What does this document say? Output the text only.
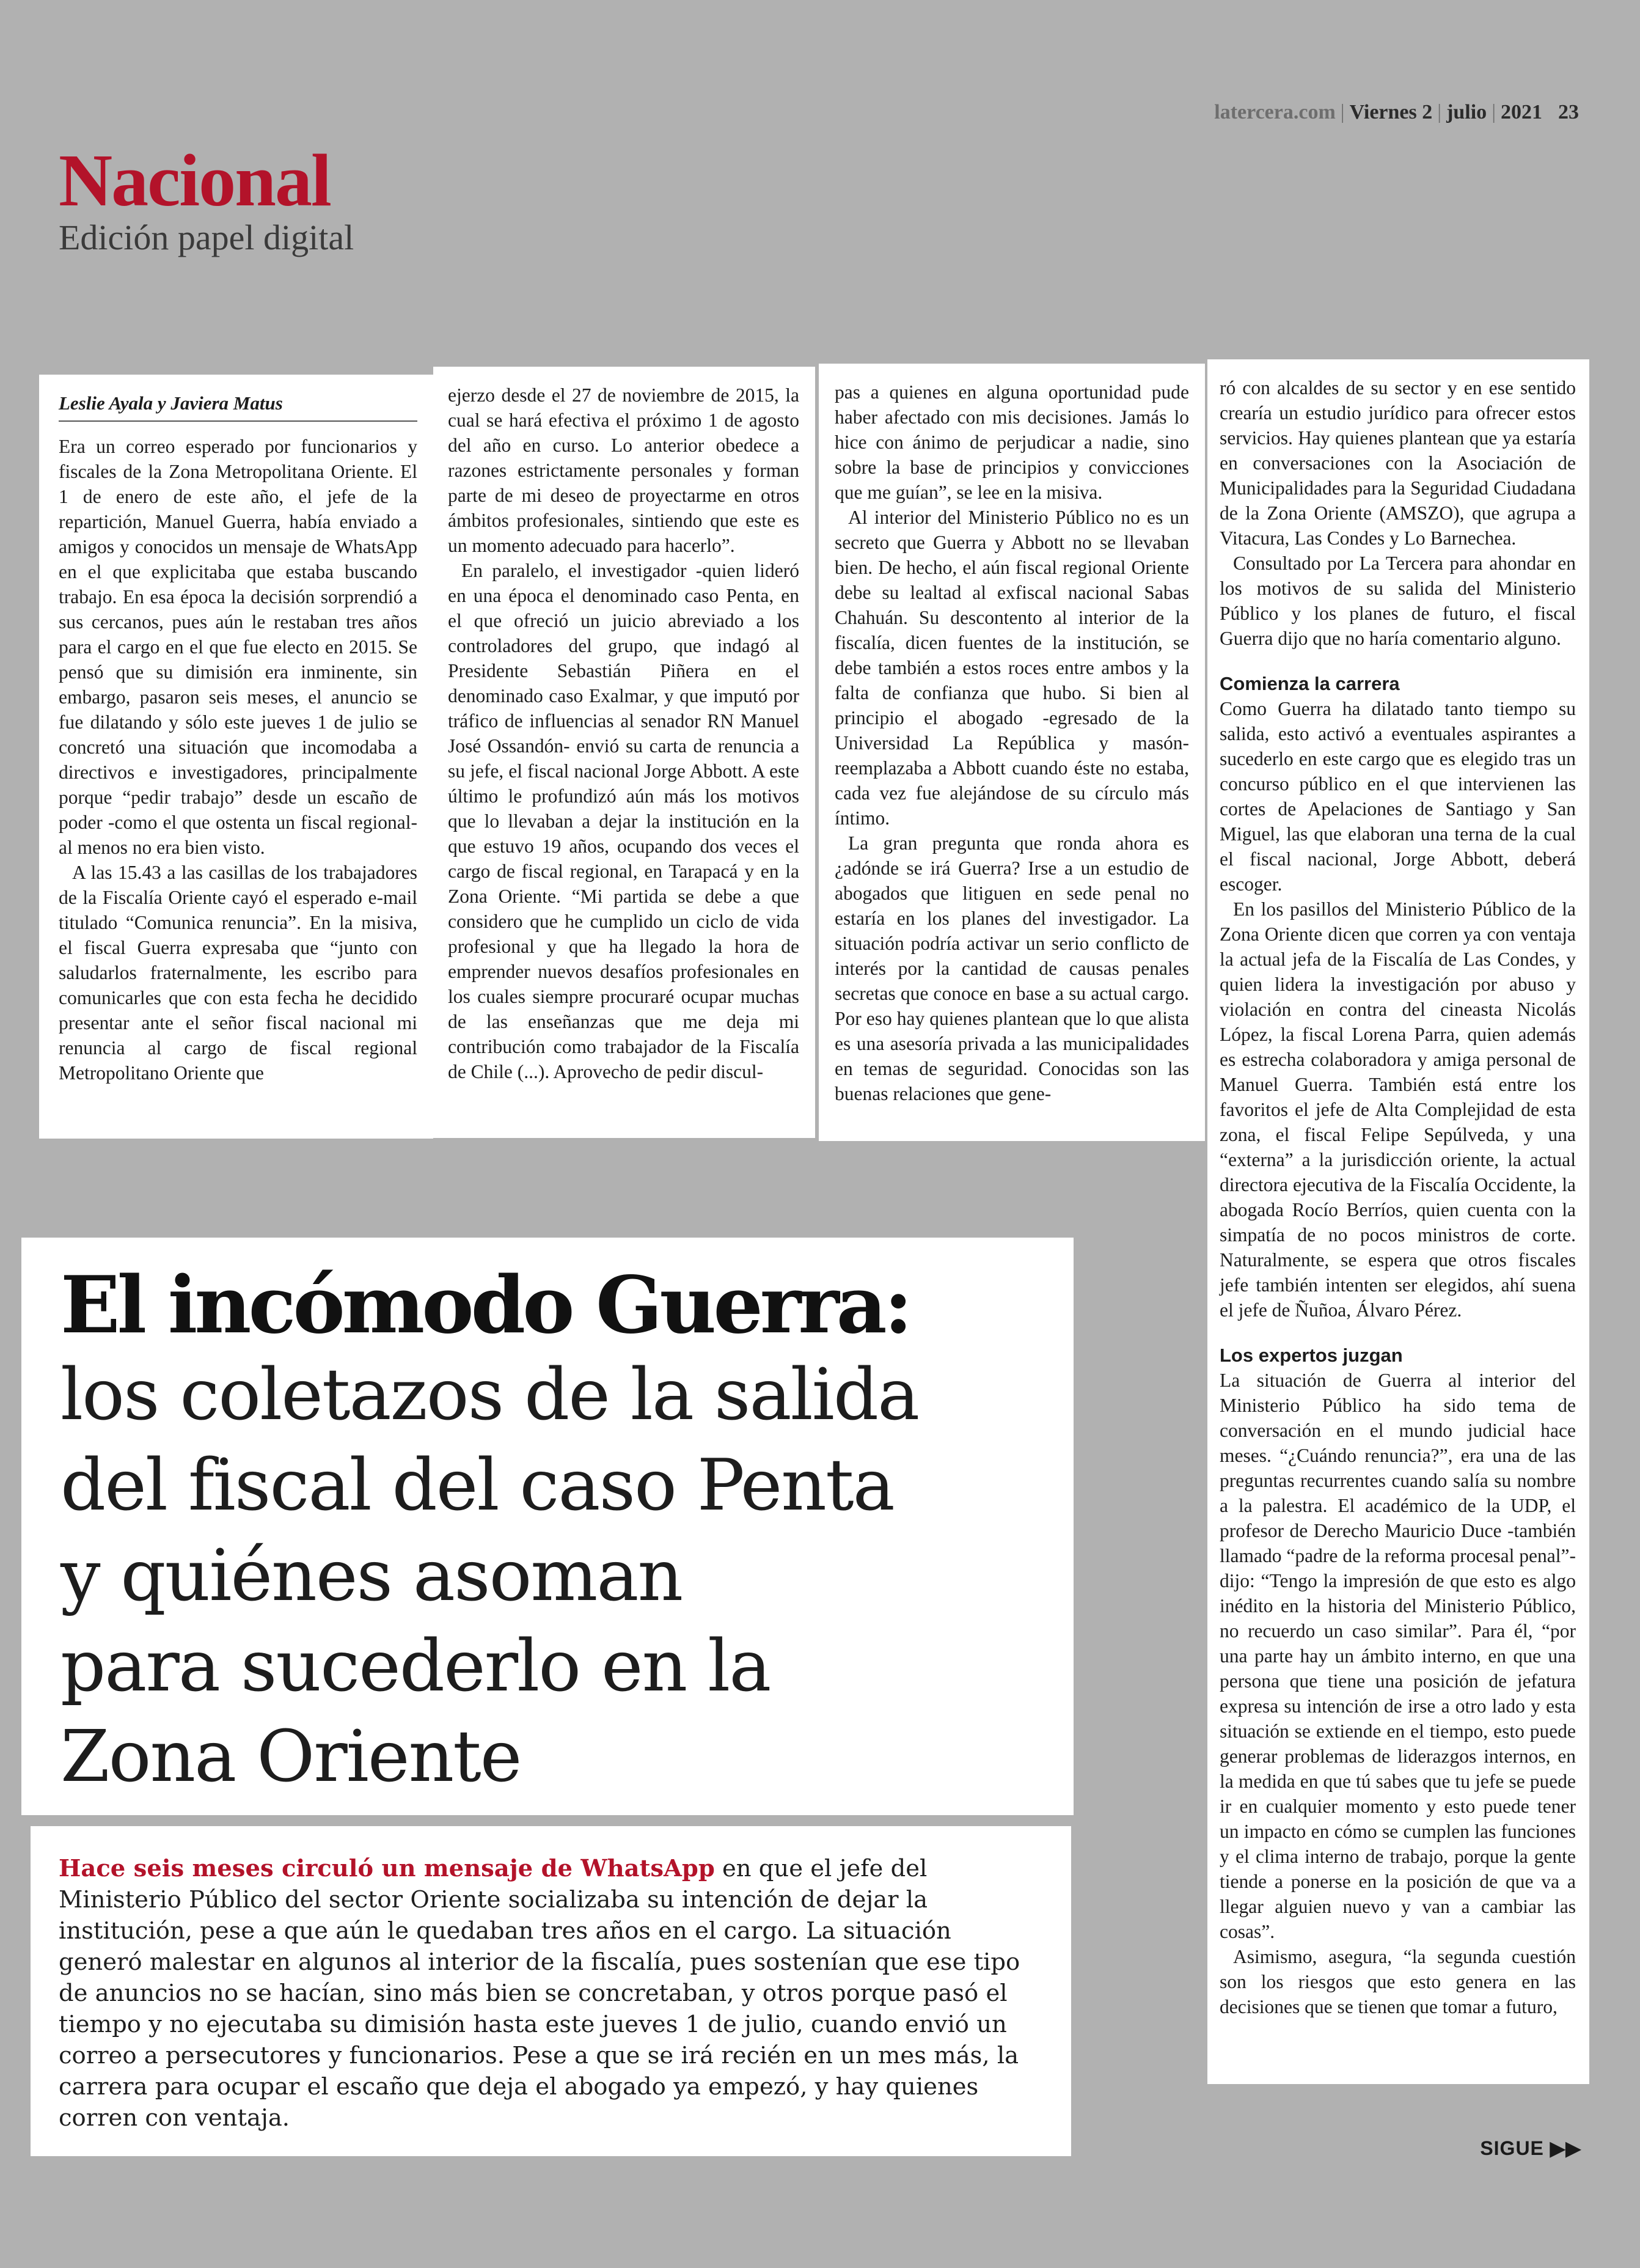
latercera.com | Viernes 2 | julio | 2021 23
Nacional
Edición papel digital
Leslie Ayala y Javiera Matus

Era un correo esperado por funcionarios y fiscales de la Zona Metropolitana Oriente. El 1 de enero de este año, el jefe de la repartición, Manuel Guerra, había enviado a amigos y conocidos un mensaje de WhatsApp en el que explicitaba que estaba buscando trabajo. En esa época la decisión sorprendió a sus cercanos, pues aún le restaban tres años para el cargo en el que fue electo en 2015. Se pensó que su dimisión era inminente, sin embargo, pasaron seis meses, el anuncio se fue dilatando y sólo este jueves 1 de julio se concretó una situación que incomodaba a directivos e investigadores, principalmente porque “pedir trabajo” desde un escaño de poder -como el que ostenta un fiscal regional- al menos no era bien visto.

A las 15.43 a las casillas de los trabajadores de la Fiscalía Oriente cayó el esperado e-mail titulado “Comunica renuncia”. En la misiva, el fiscal Guerra expresaba que “junto con saludarlos fraternalmente, les escribo para comunicarles que con esta fecha he decidido presentar ante el señor fiscal nacional mi renuncia al cargo de fiscal regional Metropolitano Oriente que

ejerzo desde el 27 de noviembre de 2015, la cual se hará efectiva el próximo 1 de agosto del año en curso. Lo anterior obedece a razones estrictamente personales y forman parte de mi deseo de proyectarme en otros ámbitos profesionales, sintiendo que este es un momento adecuado para hacerlo”.

En paralelo, el investigador -quien lideró en una época el denominado caso Penta, en el que ofreció un juicio abreviado a los controladores del grupo, que indagó al Presidente Sebastián Piñera en el denominado caso Exalmar, y que imputó por tráfico de influencias al senador RN Manuel José Ossandón- envió su carta de renuncia a su jefe, el fiscal nacional Jorge Abbott. A este último le profundizó aún más los motivos que lo llevaban a dejar la institución en la que estuvo 19 años, ocupando dos veces el cargo de fiscal regional, en Tarapacá y en la Zona Oriente. “Mi partida se debe a que considero que he cumplido un ciclo de vida profesional y que ha llegado la hora de emprender nuevos desafíos profesionales en los cuales siempre procuraré ocupar muchas de las enseñanzas que me deja mi contribución como trabajador de la Fiscalía de Chile (...). Aprovecho de pedir discul-

pas a quienes en alguna oportunidad pude haber afectado con mis decisiones. Jamás lo hice con ánimo de perjudicar a nadie, sino sobre la base de principios y convicciones que me guían”, se lee en la misiva.

Al interior del Ministerio Público no es un secreto que Guerra y Abbott no se llevaban bien. De hecho, el aún fiscal regional Oriente debe su lealtad al exfiscal nacional Sabas Chahuán. Su descontento al interior de la fiscalía, dicen fuentes de la institución, se debe también a estos roces entre ambos y la falta de confianza que hubo. Si bien al principio el abogado -egresado de la Universidad La República y masón- reemplazaba a Abbott cuando éste no estaba, cada vez fue alejándose de su círculo más íntimo.

La gran pregunta que ronda ahora es ¿adónde se irá Guerra? Irse a un estudio de abogados que litiguen en sede penal no estaría en los planes del investigador. La situación podría activar un serio conflicto de interés por la cantidad de causas penales secretas que conoce en base a su actual cargo. Por eso hay quienes plantean que lo que alista es una asesoría privada a las municipalidades en temas de seguridad. Conocidas son las buenas relaciones que gene-

ró con alcaldes de su sector y en ese sentido crearía un estudio jurídico para ofrecer estos servicios. Hay quienes plantean que ya estaría en conversaciones con la Asociación de Municipalidades para la Seguridad Ciudadana de la Zona Oriente (AMSZO), que agrupa a Vitacura, Las Condes y Lo Barnechea.

Consultado por La Tercera para ahondar en los motivos de su salida del Ministerio Público y los planes de futuro, el fiscal Guerra dijo que no haría comentario alguno.

Comienza la carrera

Como Guerra ha dilatado tanto tiempo su salida, esto activó a eventuales aspirantes a sucederlo en este cargo que es elegido tras un concurso público en el que intervienen las cortes de Apelaciones de Santiago y San Miguel, las que elaboran una terna de la cual el fiscal nacional, Jorge Abbott, deberá escoger.

En los pasillos del Ministerio Público de la Zona Oriente dicen que corren ya con ventaja la actual jefa de la Fiscalía de Las Condes, y quien lidera la investigación por abuso y violación en contra del cineasta Nicolás López, la fiscal Lorena Parra, quien además es estrecha colaboradora y amiga personal de Manuel Guerra. También está entre los favoritos el jefe de Alta Complejidad de esta zona, el fiscal Felipe Sepúlveda, y una “externa” a la jurisdicción oriente, la actual directora ejecutiva de la Fiscalía Occidente, la abogada Rocío Berríos, quien cuenta con la simpatía de no pocos ministros de corte. Naturalmente, se espera que otros fiscales jefe también intenten ser elegidos, ahí suena el jefe de Ñuñoa, Álvaro Pérez.

Los expertos juzgan

La situación de Guerra al interior del Ministerio Público ha sido tema de conversación en el mundo judicial hace meses. “¿Cuándo renuncia?”, era una de las preguntas recurrentes cuando salía su nombre a la palestra. El académico de la UDP, el profesor de Derecho Mauricio Duce -también llamado “padre de la reforma procesal penal”- dijo: “Tengo la impresión de que esto es algo inédito en la historia del Ministerio Público, no recuerdo un caso similar”. Para él, “por una parte hay un ámbito interno, en que una persona que tiene una posición de jefatura expresa su intención de irse a otro lado y esta situación se extiende en el tiempo, esto puede generar problemas de liderazgos internos, en la medida en que tú sabes que tu jefe se puede ir en cualquier momento y esto puede tener un impacto en cómo se cumplen las funciones y el clima interno de trabajo, porque la gente tiende a ponerse en la posición de que va a llegar alguien nuevo y van a cambiar las cosas”.

Asimismo, asegura, “la segunda cuestión son los riesgos que esto genera en las decisiones que se tienen que tomar a futuro,

El incómodo Guerra:
los coletazos de la salida
del fiscal del caso Penta
y quiénes asoman
para sucederlo en la
Zona Oriente
Hace seis meses circuló un mensaje de WhatsApp en que el jefe del Ministerio Público del sector Oriente socializaba su intención de dejar la institución, pese a que aún le quedaban tres años en el cargo. La situación generó malestar en algunos al interior de la fiscalía, pues sostenían que ese tipo de anuncios no se hacían, sino más bien se concretaban, y otros porque pasó el tiempo y no ejecutaba su dimisión hasta este jueves 1 de julio, cuando envió un correo a persecutores y funcionarios. Pese a que se irá recién en un mes más, la carrera para ocupar el escaño que deja el abogado ya empezó, y hay quienes corren con ventaja.
SIGUE ▶▶
